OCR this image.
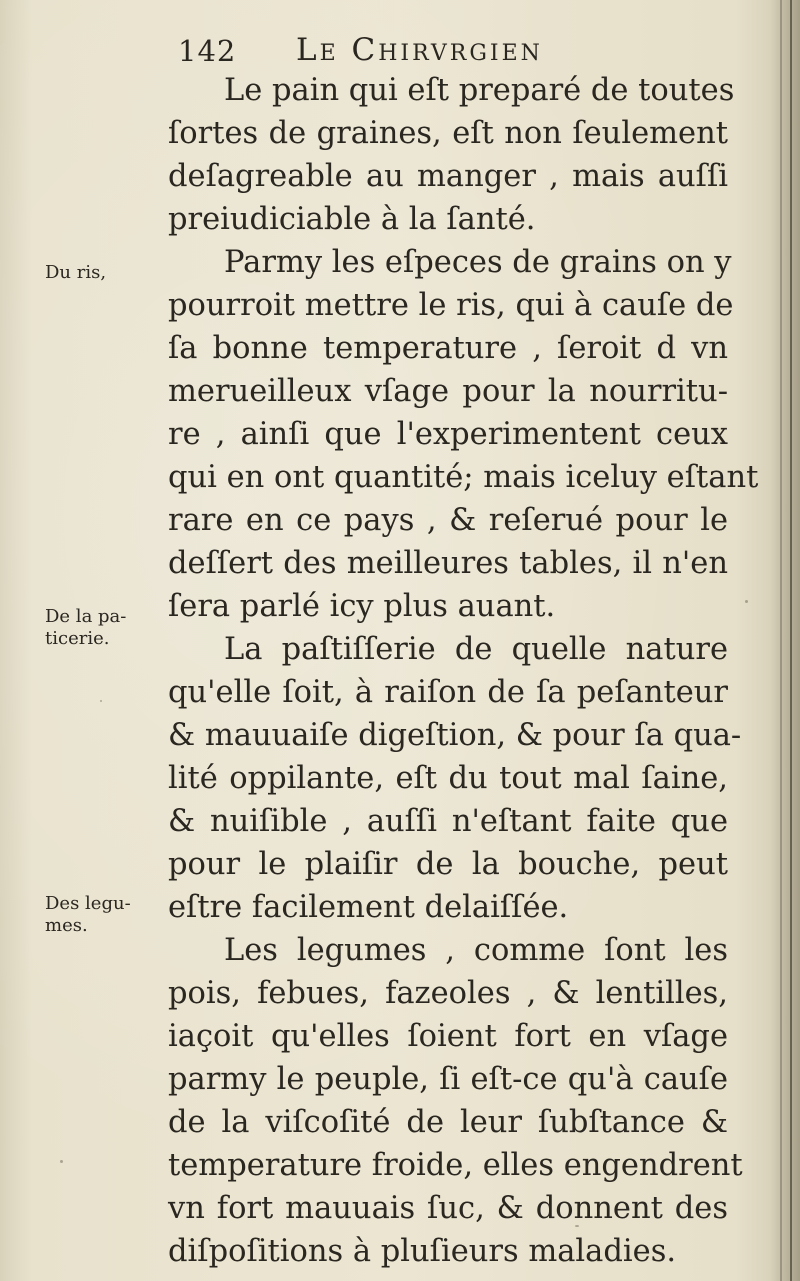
142 Le Chirvrgien
Du ris,
De la pa-
ticerie.
Des legu-
mes.
Le pain qui eſt preparé de toutes
ſortes de graines, eſt non ſeulement
deſagreable au manger , mais auſſi
preiudiciable à la ſanté.
Parmy les eſpeces de grains on y
pourroit mettre le ris, qui à cauſe de
ſa bonne temperature , ſeroit d vn
merueilleux vſage pour la nourritu-
re , ainſi que l'experimentent ceux
qui en ont quantité; mais iceluy eſtant
rare en ce pays , & reſerué pour le
deſſert des meilleures tables, il n'en
ſera parlé icy plus auant.
La paſtiſſerie de quelle nature
qu'elle ſoit, à raiſon de ſa peſanteur
& mauuaiſe digeſtion, & pour ſa qua-
lité oppilante, eſt du tout mal ſaine,
& nuiſible , auſſi n'eſtant faite que
pour le plaiſir de la bouche, peut
eſtre facilement delaiſſée.
Les legumes , comme ſont les
pois, febues, fazeoles , & lentilles,
iaçoit qu'elles ſoient fort en vſage
parmy le peuple, ſi eſt-ce qu'à cauſe
de la viſcoſité de leur ſubſtance &
temperature froide, elles engendrent
vn fort mauuais ſuc, & donnent des
diſpoſitions à pluſieurs maladies.
